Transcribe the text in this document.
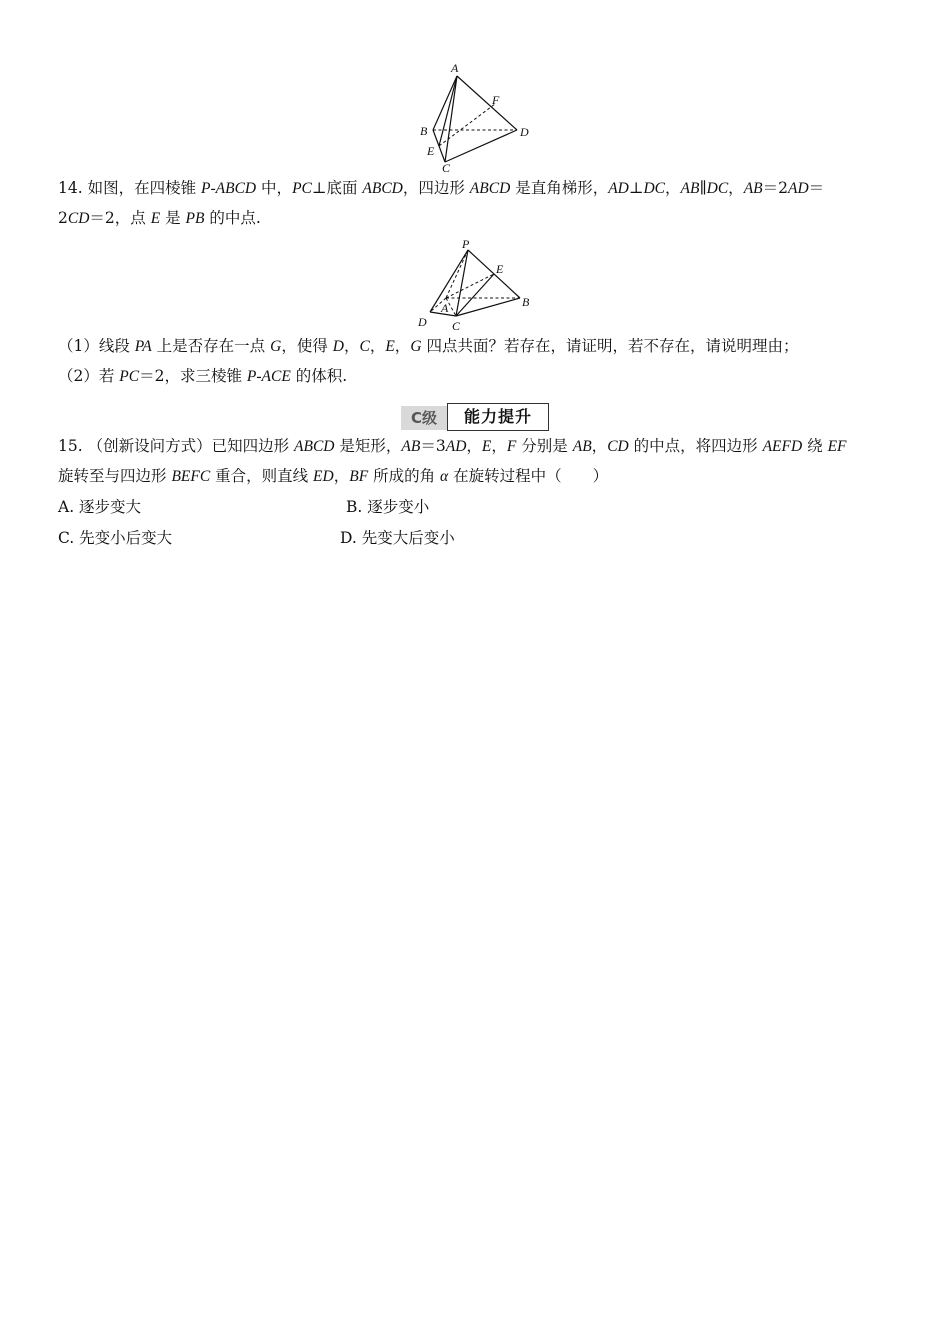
A
F
B	D
E
C
14. 如图，在四棱锥 P-ABCD 中，PC⊥底面 ABCD，四边形 ABCD 是直角梯形，AD⊥DC，AB∥DC，AB＝2AD＝
2CD＝2，点 E 是 PB 的中点.
P
E
A	B
D C
（1）线段 PA 上是否存在一点 G，使得 D，C，E，G 四点共面？若存在，请证明，若不存在，请说明理由；
（2）若 PC＝2，求三棱锥 P-ACE 的体积.
C级	能力提升
15. （创新设问方式）已知四边形 ABCD 是矩形，AB＝3AD，E，F 分别是 AB，CD 的中点，将四边形 AEFD 绕 EF
旋转至与四边形 BEFC 重合，则直线 ED，BF 所成的角 α 在旋转过程中（　　）
A. 逐步变大	B. 逐步变小
C. 先变小后变大	D. 先变大后变小
